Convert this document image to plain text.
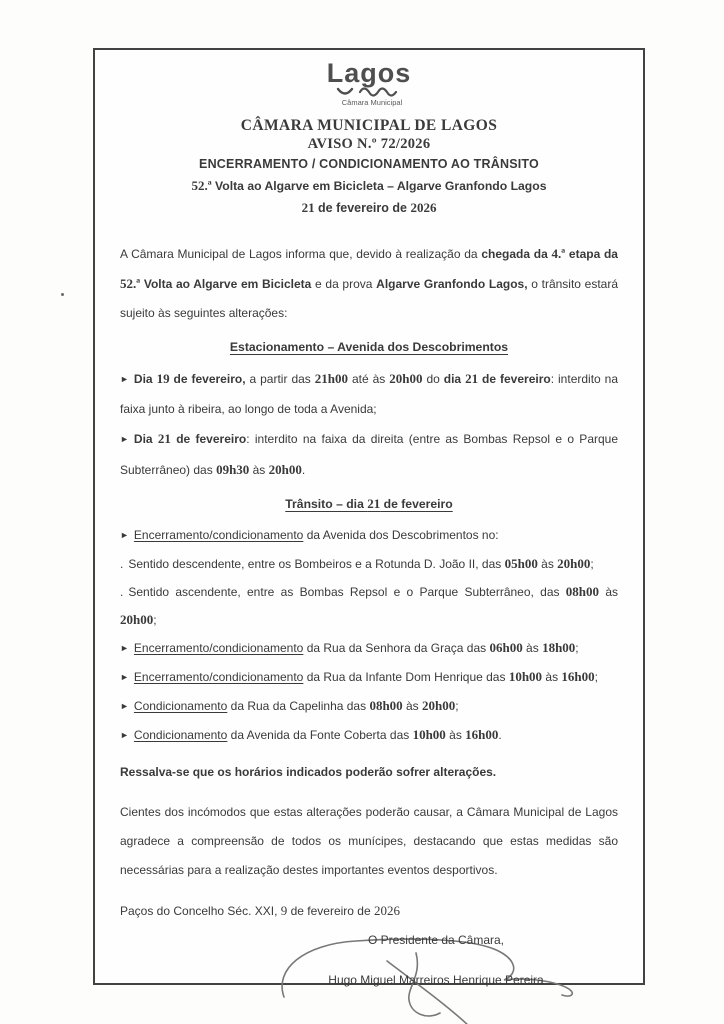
Lagos
Câmara Municipal
CÂMARA MUNICIPAL DE LAGOS
AVISO N.º 72/2026
ENCERRAMENTO / CONDICIONAMENTO AO TRÂNSITO
52.ª Volta ao Algarve em Bicicleta – Algarve Granfondo Lagos
21 de fevereiro de 2026

A Câmara Municipal de Lagos informa que, devido à realização da chegada da 4.ª etapa da 52.ª Volta ao Algarve em Bicicleta e da prova Algarve Granfondo Lagos, o trânsito estará sujeito às seguintes alterações:

Estacionamento – Avenida dos Descobrimentos

► Dia 19 de fevereiro, a partir das 21h00 até às 20h00 do dia 21 de fevereiro: interdito na faixa junto à ribeira, ao longo de toda a Avenida;

► Dia 21 de fevereiro: interdito na faixa da direita (entre as Bombas Repsol e o Parque Subterrâneo) das 09h30 às 20h00.

Trânsito – dia 21 de fevereiro

► Encerramento/condicionamento da Avenida dos Descobrimentos no:

. Sentido descendente, entre os Bombeiros e a Rotunda D. João II, das 05h00 às 20h00;

. Sentido ascendente, entre as Bombas Repsol e o Parque Subterrâneo, das 08h00 às 20h00;

► Encerramento/condicionamento da Rua da Senhora da Graça das 06h00 às 18h00;

► Encerramento/condicionamento da Rua da Infante Dom Henrique das 10h00 às 16h00;

► Condicionamento da Rua da Capelinha das 08h00 às 20h00;

► Condicionamento da Avenida da Fonte Coberta das 10h00 às 16h00.

Ressalva-se que os horários indicados poderão sofrer alterações.

Cientes dos incómodos que estas alterações poderão causar, a Câmara Municipal de Lagos agradece a compreensão de todos os munícipes, destacando que estas medidas são necessárias para a realização destes importantes eventos desportivos.

Paços do Concelho Séc. XXI, 9 de fevereiro de 2026

O Presidente da Câmara,
Hugo Miguel Marreiros Henrique Pereira
